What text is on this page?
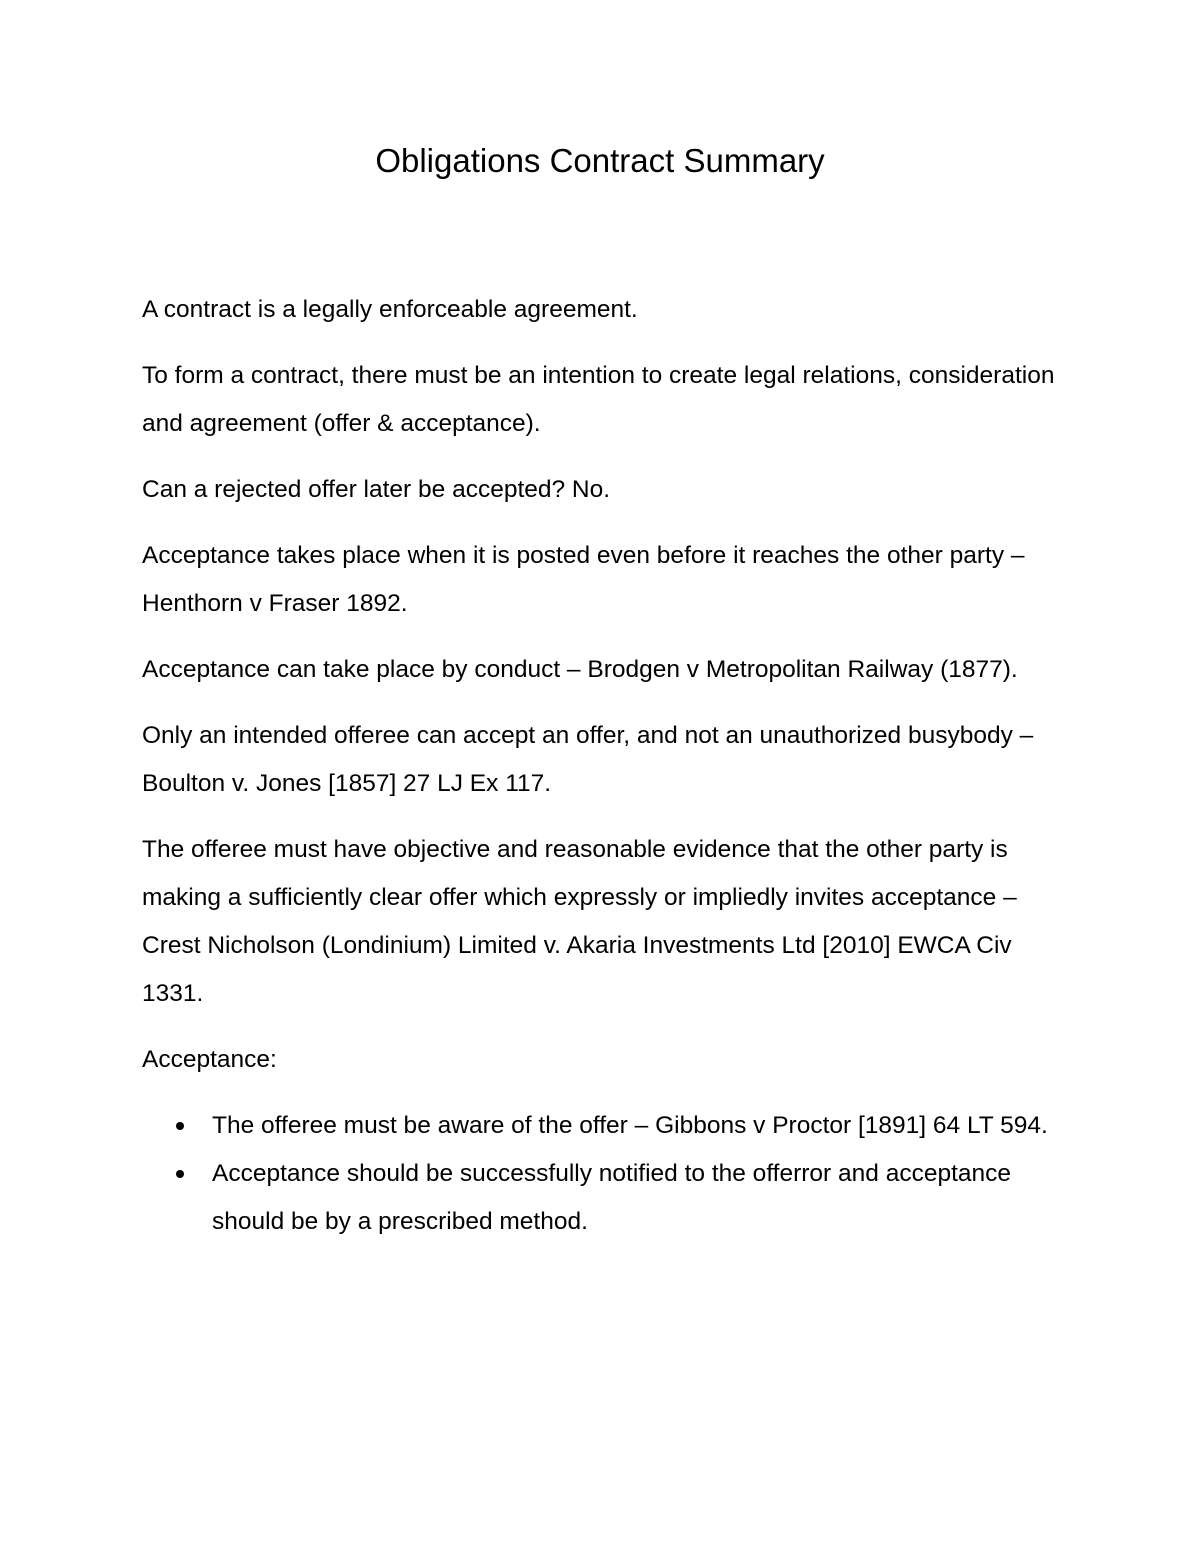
Obligations Contract Summary

A contract is a legally enforceable agreement.

To form a contract, there must be an intention to create legal relations, consideration and agreement (offer & acceptance).

Can a rejected offer later be accepted? No.

Acceptance takes place when it is posted even before it reaches the other party – Henthorn v Fraser 1892.

Acceptance can take place by conduct – Brodgen v Metropolitan Railway (1877).

Only an intended offeree can accept an offer, and not an unauthorized busybody – Boulton v. Jones [1857] 27 LJ Ex 117.

The offeree must have objective and reasonable evidence that the other party is making a sufficiently clear offer which expressly or impliedly invites acceptance – Crest Nicholson (Londinium) Limited v. Akaria Investments Ltd [2010] EWCA Civ 1331.

Acceptance:

The offeree must be aware of the offer – Gibbons v Proctor [1891] 64 LT 594.
Acceptance should be successfully notified to the offerror and acceptance should be by a prescribed method.
